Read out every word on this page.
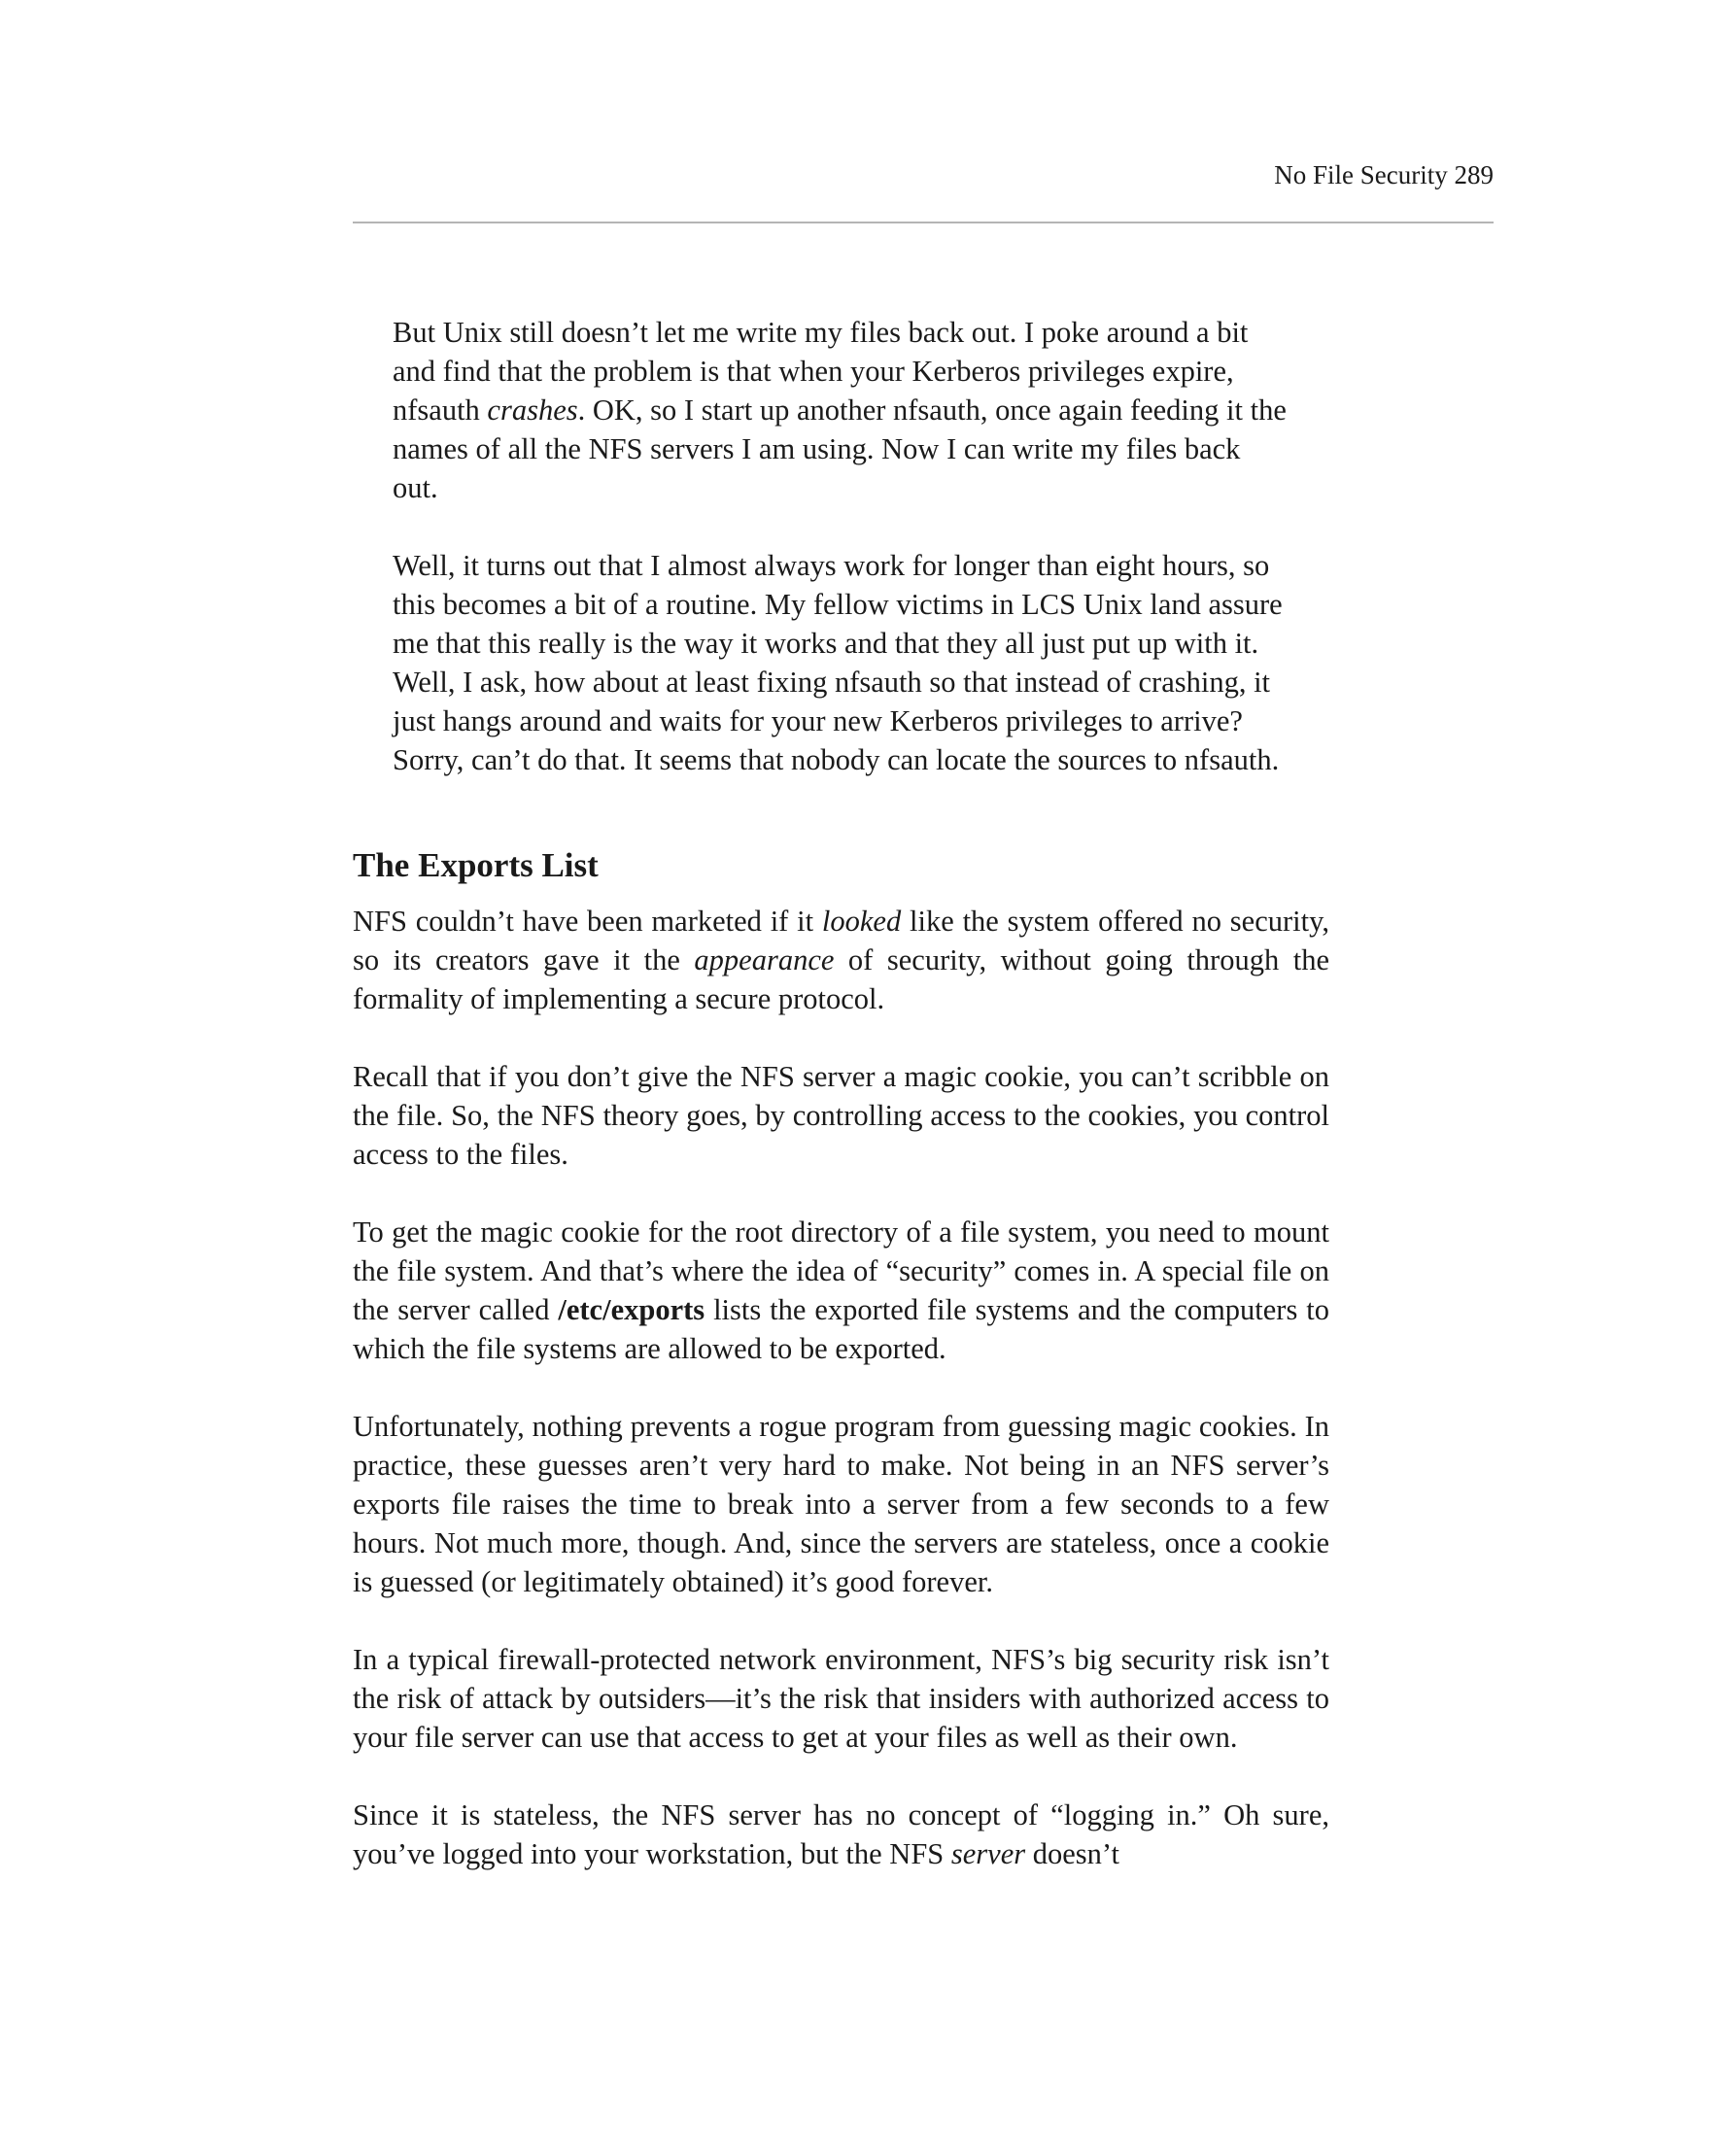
No File Security 289

But Unix still doesn’t let me write my files back out. I poke around a bit and find that the problem is that when your Kerberos privileges expire, nfsauth crashes. OK, so I start up another nfsauth, once again feeding it the names of all the NFS servers I am using. Now I can write my files back out.

Well, it turns out that I almost always work for longer than eight hours, so this becomes a bit of a routine. My fellow victims in LCS Unix land assure me that this really is the way it works and that they all just put up with it. Well, I ask, how about at least fixing nfsauth so that instead of crashing, it just hangs around and waits for your new Kerberos privileges to arrive? Sorry, can’t do that. It seems that nobody can locate the sources to nfsauth.

The Exports List

NFS couldn’t have been marketed if it looked like the system offered no security, so its creators gave it the appearance of security, without going through the formality of implementing a secure protocol.

Recall that if you don’t give the NFS server a magic cookie, you can’t scribble on the file. So, the NFS theory goes, by controlling access to the cookies, you control access to the files.

To get the magic cookie for the root directory of a file system, you need to mount the file system. And that’s where the idea of “security” comes in. A special file on the server called /etc/exports lists the exported file systems and the computers to which the file systems are allowed to be exported.

Unfortunately, nothing prevents a rogue program from guessing magic cookies. In practice, these guesses aren’t very hard to make. Not being in an NFS server’s exports file raises the time to break into a server from a few seconds to a few hours. Not much more, though. And, since the servers are stateless, once a cookie is guessed (or legitimately obtained) it’s good forever.

In a typical firewall-protected network environment, NFS’s big security risk isn’t the risk of attack by outsiders—it’s the risk that insiders with authorized access to your file server can use that access to get at your files as well as their own.

Since it is stateless, the NFS server has no concept of “logging in.” Oh sure, you’ve logged into your workstation, but the NFS server doesn’t
